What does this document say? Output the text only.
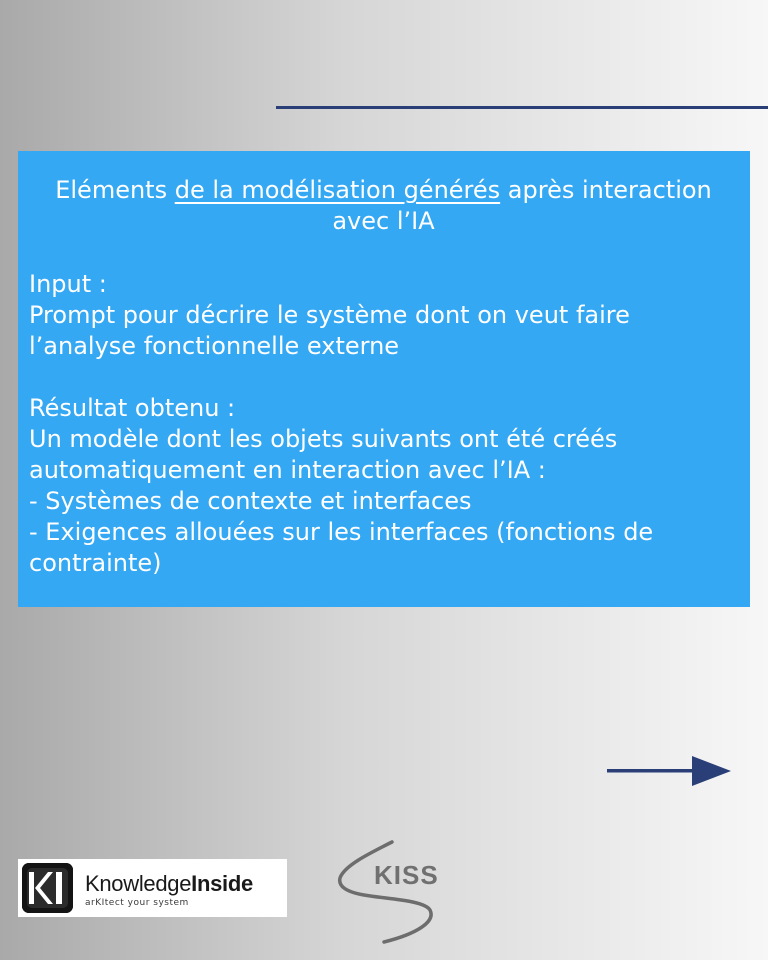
Eléments de la modélisation générés après interaction avec l’IA

Input :

Prompt pour décrire le système dont on veut faire l’analyse fonctionnelle externe

Résultat obtenu :

Un modèle dont les objets suivants ont été créés automatiquement en interaction avec l’IA :

- Systèmes de contexte et interfaces

- Exigences allouées sur les interfaces (fonctions de contrainte)

KnowledgeInside
arKItect your system
KISS
